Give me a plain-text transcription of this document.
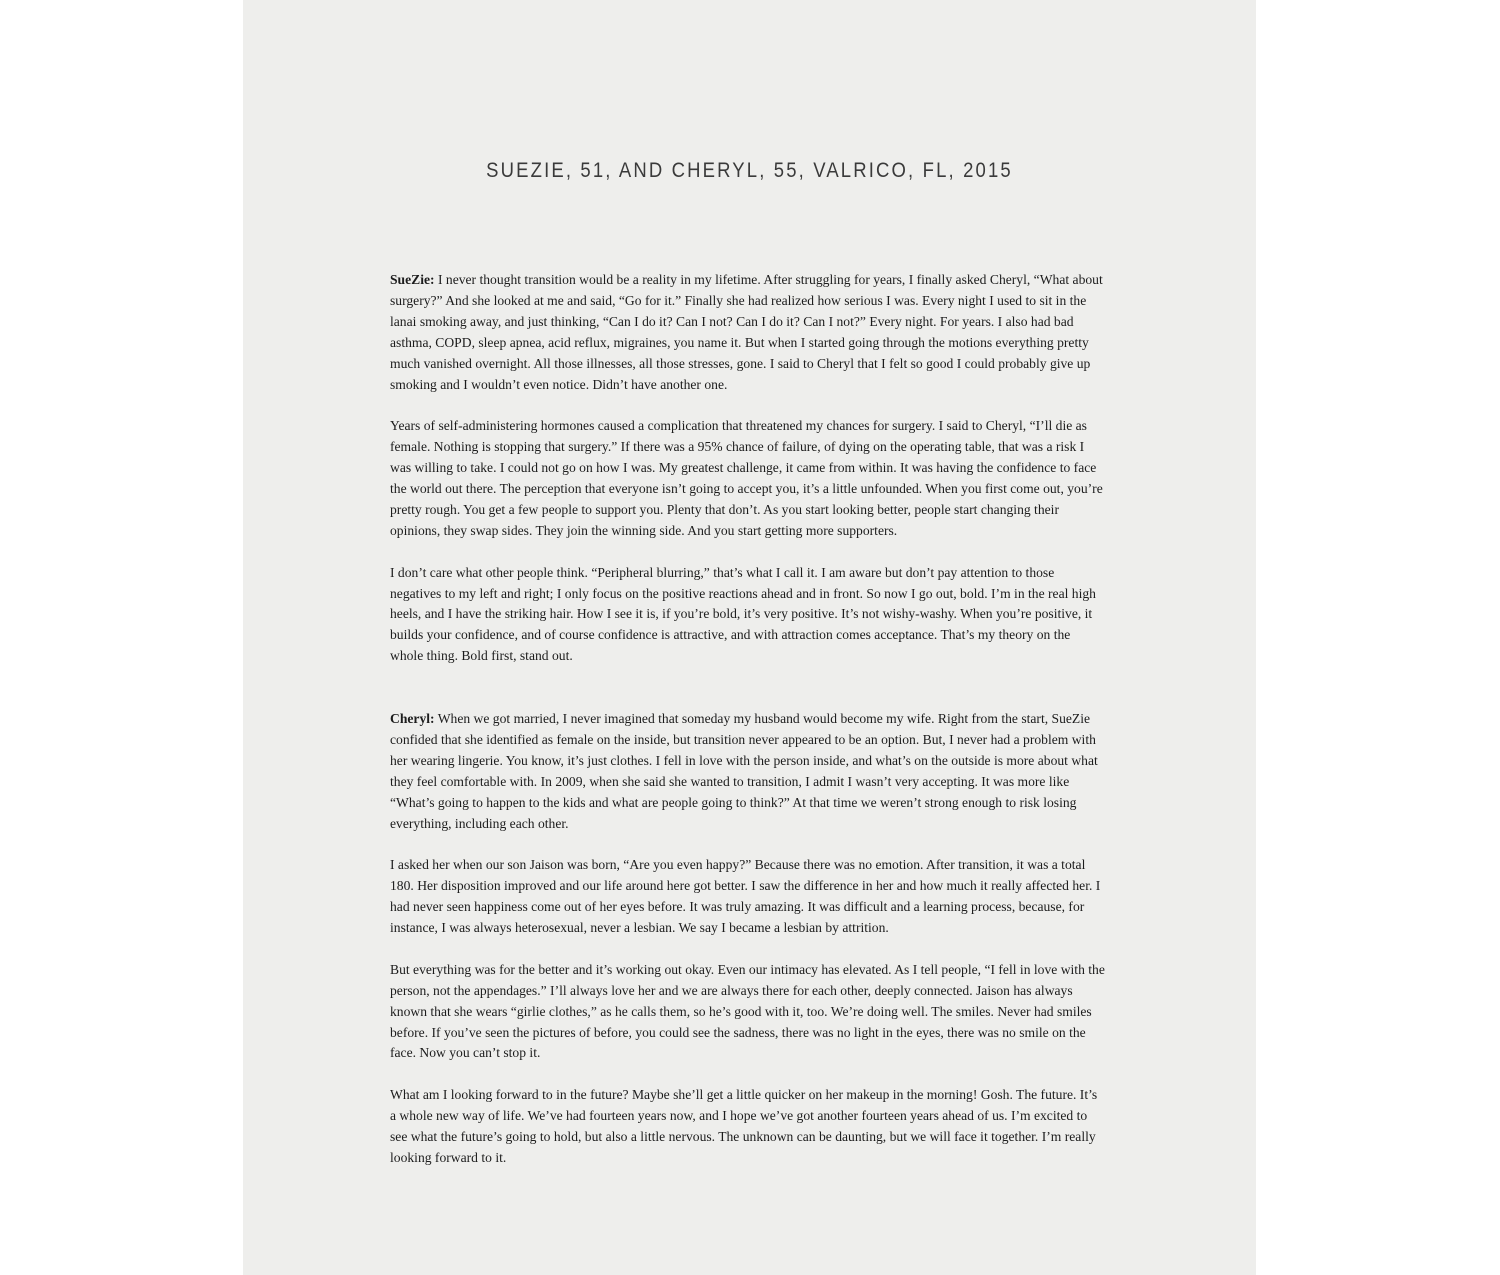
SUEZIE, 51, AND CHERYL, 55, VALRICO, FL, 2015

SueZie: I never thought transition would be a reality in my lifetime. After struggling for years, I finally asked Cheryl, “What about surgery?” And she looked at me and said, “Go for it.” Finally she had realized how serious I was. Every night I used to sit in the lanai smoking away, and just thinking, “Can I do it? Can I not? Can I do it? Can I not?” Every night. For years. I also had bad asthma, COPD, sleep apnea, acid reflux, migraines, you name it. But when I started going through the motions everything pretty much vanished overnight. All those illnesses, all those stresses, gone. I said to Cheryl that I felt so good I could probably give up smoking and I wouldn’t even notice. Didn’t have another one.

Years of self-administering hormones caused a complication that threatened my chances for surgery. I said to Cheryl, “I’ll die as female. Nothing is stopping that surgery.” If there was a 95% chance of failure, of dying on the operating table, that was a risk I was willing to take. I could not go on how I was. My greatest challenge, it came from within. It was having the confidence to face the world out there. The perception that everyone isn’t going to accept you, it’s a little unfounded. When you first come out, you’re pretty rough. You get a few people to support you. Plenty that don’t. As you start looking better, people start changing their opinions, they swap sides. They join the winning side. And you start getting more supporters.

I don’t care what other people think. “Peripheral blurring,” that’s what I call it. I am aware but don’t pay attention to those negatives to my left and right; I only focus on the positive reactions ahead and in front. So now I go out, bold. I’m in the real high heels, and I have the striking hair. How I see it is, if you’re bold, it’s very positive. It’s not wishy-washy. When you’re positive, it builds your confidence, and of course confidence is attractive, and with attraction comes acceptance. That’s my theory on the whole thing. Bold first, stand out.

Cheryl: When we got married, I never imagined that someday my husband would become my wife. Right from the start, SueZie confided that she identified as female on the inside, but transition never appeared to be an option. But, I never had a problem with her wearing lingerie. You know, it’s just clothes. I fell in love with the person inside, and what’s on the outside is more about what they feel comfortable with. In 2009, when she said she wanted to transition, I admit I wasn’t very accepting. It was more like “What’s going to happen to the kids and what are people going to think?” At that time we weren’t strong enough to risk losing everything, including each other.

I asked her when our son Jaison was born, “Are you even happy?” Because there was no emotion. After transition, it was a total 180. Her disposition improved and our life around here got better. I saw the difference in her and how much it really affected her. I had never seen happiness come out of her eyes before. It was truly amazing. It was difficult and a learning process, because, for instance, I was always heterosexual, never a lesbian. We say I became a lesbian by attrition.

But everything was for the better and it’s working out okay. Even our intimacy has elevated. As I tell people, “I fell in love with the person, not the appendages.” I’ll always love her and we are always there for each other, deeply connected. Jaison has always known that she wears “girlie clothes,” as he calls them, so he’s good with it, too. We’re doing well. The smiles. Never had smiles before. If you’ve seen the pictures of before, you could see the sadness, there was no light in the eyes, there was no smile on the face. Now you can’t stop it.

What am I looking forward to in the future? Maybe she’ll get a little quicker on her makeup in the morning! Gosh. The future. It’s a whole new way of life. We’ve had fourteen years now, and I hope we’ve got another fourteen years ahead of us. I’m excited to see what the future’s going to hold, but also a little nervous. The unknown can be daunting, but we will face it together. I’m really looking forward to it.
